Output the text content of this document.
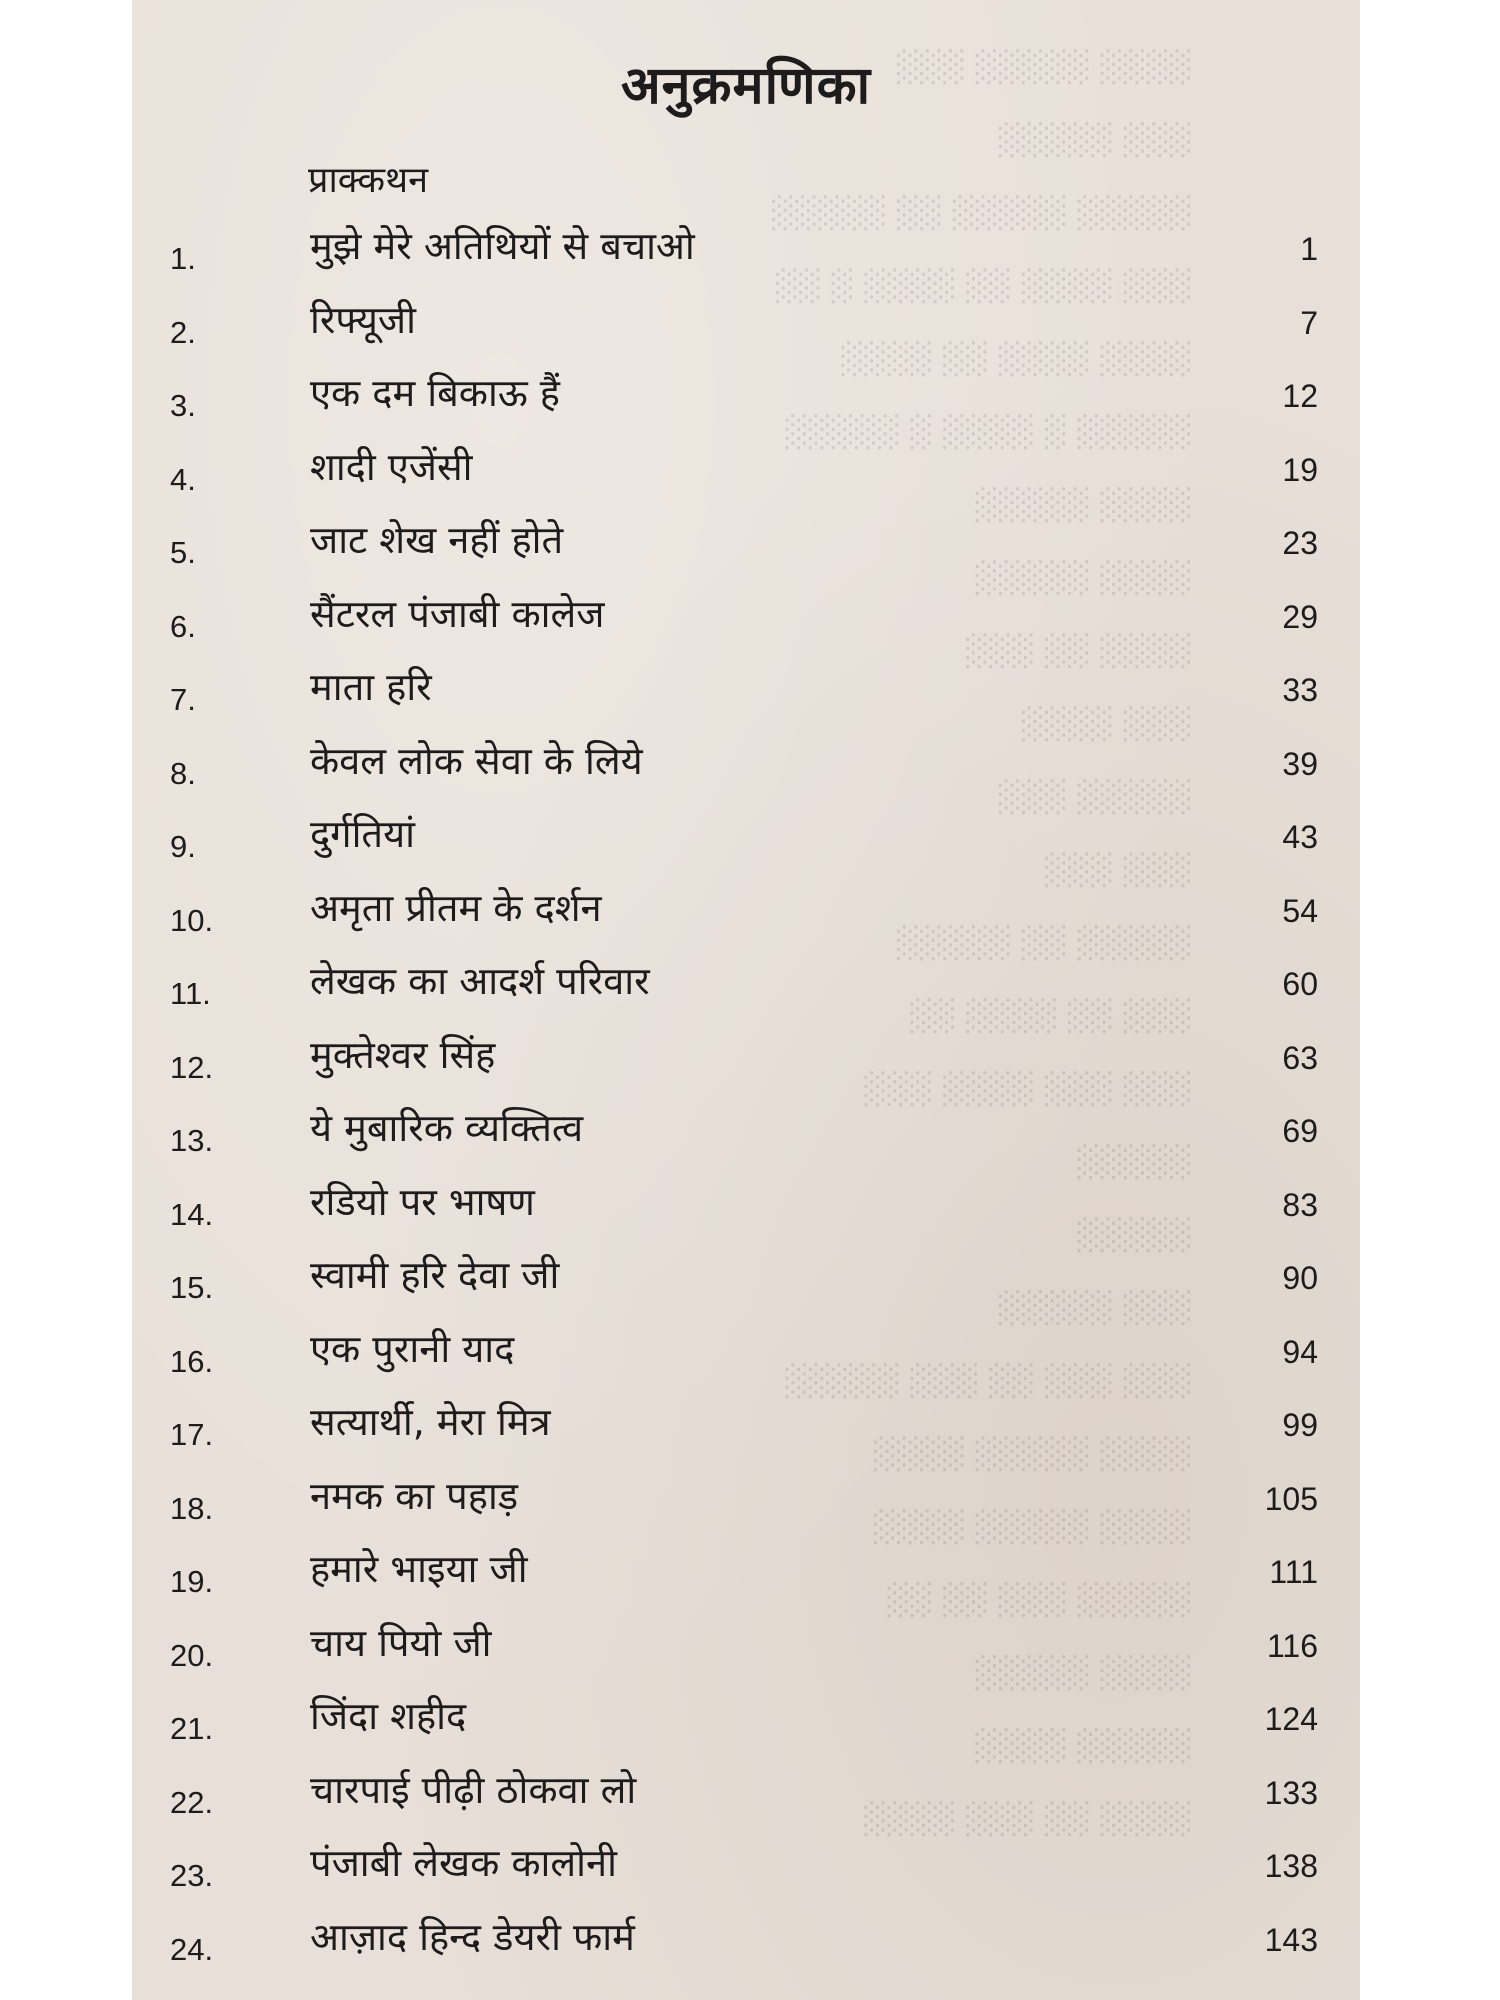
░░░░ ░░░░░ ░░░
░░░ ░░░░░
░░░░░ ░░░░░ ░░ ░░░░░
░░░ ░░░░ ░░ ░░░░ ░ ░░
░░░░ ░░░░ ░░ ░░░░
░░░░░ ░ ░░░░ ░ ░░░░░
░░░░ ░░░░░
░░░░ ░░░░░
░░░░ ░░ ░░░
░░░ ░░░░
░░░░░ ░░░
░░░ ░░░
░░░░░ ░░ ░░░░░
░░░ ░░ ░░░░ ░░
░░░ ░░░ ░░░░ ░░░
░░░░░
░░░░░
░░░ ░░░░░
░░░ ░░░ ░░ ░░░ ░░░░░
░░░░ ░░░░░ ░░░░
░░░░ ░░░░░ ░░░░
░░░░░ ░░░ ░░ ░░
░░░░ ░░░░░
░░░░░ ░░░░
░░░░ ░░ ░░░ ░░░░
अनुक्रमणिका
प्राक्कथन
1.	मुझे मेरे अतिथियों से बचाओ	1
2.	रिफ्यूजी	7
3.	एक दम बिकाऊ हैं	12
4.	शादी एजेंसी	19
5.	जाट शेख नहीं होते	23
6.	सैंटरल पंजाबी कालेज	29
7.	माता हरि	33
8.	केवल लोक सेवा के लिये	39
9.	दुर्गतियां	43
10.	अमृता प्रीतम के दर्शन	54
11.	लेखक का आदर्श परिवार	60
12.	मुक्तेश्वर सिंह	63
13.	ये मुबारिक व्यक्तित्व	69
14.	रडियो पर भाषण	83
15.	स्वामी हरि देवा जी	90
16.	एक पुरानी याद	94
17.	सत्यार्थी, मेरा मित्र	99
18.	नमक का पहाड़	105
19.	हमारे भाइया जी	111
20.	चाय पियो जी	116
21.	जिंदा शहीद	124
22.	चारपाई पीढ़ी ठोकवा लो	133
23.	पंजाबी लेखक कालोनी	138
24.	आज़ाद हिन्द डेयरी फार्म	143
